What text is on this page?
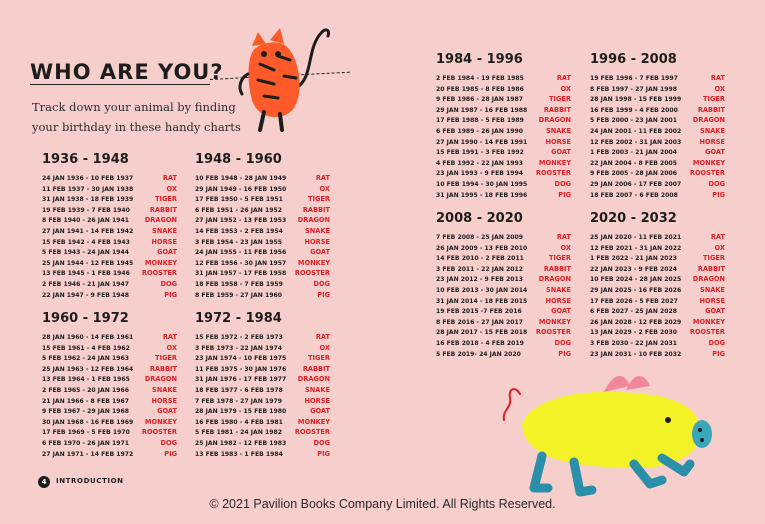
WHO ARE YOU?
Track down your animal by finding your birthday in these handy charts
1936 - 1948
24 JAN 1936 - 10 FEB 1937	RAT
11 FEB 1937 - 30 JAN 1938	OX
31 JAN 1938 - 18 FEB 1939	TIGER
19 FEB 1939 - 7 FEB 1940	RABBIT
8 FEB 1940 - 26 JAN 1941 DRAGON
27 JAN 1941 - 14 FEB 1942	SNAKE
15 FEB 1942 - 4 FEB 1943	HORSE
5 FEB 1943 - 24 JAN 1944	GOAT
25 JAN 1944 - 12 FEB 1945 MONKEY
13 FEB 1945 - 1 FEB 1946 ROOSTER
2 FEB 1946 - 21 JAN 1947	DOG
22 JAN 1947 - 9 FEB 1948	PIG
1948 - 1960
10 FEB 1948 - 28 JAN 1949	RAT
29 JAN 1949 - 16 FEB 1950	OX
17 FEB 1950 - 5 FEB 1951	TIGER
6 FEB 1951 - 26 JAN 1952	RABBIT
27 JAN 1952 - 13 FEB 1953 DRAGON
14 FEB 1953 - 2 FEB 1954	SNAKE
3 FEB 1954 - 23 JAN 1955	HORSE
24 JAN 1955 - 11 FEB 1956	GOAT
12 FEB 1956 - 30 JAN 1957 MONKEY
31 JAN 1957 - 17 FEB 1958 ROOSTER
18 FEB 1958 - 7 FEB 1959	DOG
8 FEB 1959 - 27 JAN 1960	PIG
1960 - 1972
28 JAN 1960 - 14 FEB 1961	RAT
15 FEB 1961 - 4 FEB 1962	OX
5 FEB 1962 - 24 JAN 1963	TIGER
25 JAN 1963 - 12 FEB 1964	RABBIT
13 FEB 1964 - 1 FEB 1965 DRAGON
2 FEB 1965 - 20 JAN 1966	SNAKE
21 JAN 1966 - 8 FEB 1967	HORSE
9 FEB 1967 - 29 JAN 1968	GOAT
30 JAN 1968 - 16 FEB 1969 MONKEY
17 FEB 1969 - 5 FEB 1970 ROOSTER
6 FEB 1970 - 26 JAN 1971	DOG
27 JAN 1971 - 14 FEB 1972	PIG
1972 - 1984
15 FEB 1972 - 2 FEB 1973	RAT
3 FEB 1973 - 22 JAN 1974	OX
23 JAN 1974 - 10 FEB 1975	TIGER
11 FEB 1975 - 30 JAN 1976	RABBIT
31 JAN 1976 - 17 FEB 1977 DRAGON
18 FEB 1977 - 6 FEB 1978	SNAKE
7 FEB 1978 - 27 JAN 1979	HORSE
28 JAN 1979 - 15 FEB 1980	GOAT
16 FEB 1980 - 4 FEB 1981 MONKEY
5 FEB 1981 - 24 JAN 1982 ROOSTER
25 JAN 1982 - 12 FEB 1983	DOG
13 FEB 1983 - 1 FEB 1984	PIG
1984 - 1996
2 FEB 1984 - 19 FEB 1985	RAT
20 FEB 1985 - 8 FEB 1986	OX
9 FEB 1986 - 28 JAN 1987	TIGER
29 JAN 1987 - 16 FEB 1988	RABBIT
17 FEB 1988 - 5 FEB 1989 DRAGON
6 FEB 1989 - 26 JAN 1990	SNAKE
27 JAN 1990 - 14 FEB 1991	HORSE
15 FEB 1991 - 3 FEB 1992	GOAT
4 FEB 1992 - 22 JAN 1993 MONKEY
23 JAN 1993 - 9 FEB 1994 ROOSTER
10 FEB 1994 - 30 JAN 1995	DOG
31 JAN 1995 - 18 FEB 1996	PIG
1996 - 2008
19 FEB 1996 - 7 FEB 1997	RAT
8 FEB 1997 - 27 JAN 1998	OX
28 JAN 1998 - 15 FEB 1999	TIGER
16 FEB 1999 - 4 FEB 2000	RABBIT
5 FEB 2000 - 23 JAN 2001 DRAGON
24 JAN 2001 - 11 FEB 2002	SNAKE
12 FEB 2002 - 31 JAN 2003	HORSE
1 FEB 2003 - 21 JAN 2004	GOAT
22 JAN 2004 - 8 FEB 2005 MONKEY
9 FEB 2005 - 28 JAN 2006 ROOSTER
29 JAN 2006 - 17 FEB 2007	DOG
18 FEB 2007 - 6 FEB 2008	PIG
2008 - 2020
7 FEB 2008 - 25 JAN 2009	RAT
26 JAN 2009 - 13 FEB 2010	OX
14 FEB 2010 - 2 FEB 2011	TIGER
3 FEB 2011 - 22 JAN 2012	RABBIT
23 JAN 2012 - 9 FEB 2013 DRAGON
10 FEB 2013 - 30 JAN 2014	SNAKE
31 JAN 2014 - 18 FEB 2015	HORSE
19 FEB 2015 -7 FEB 2016	GOAT
8 FEB 2016 - 27 JAN 2017 MONKEY
28 JAN 2017 - 15 FEB 2018 ROOSTER
16 FEB 2018 - 4 FEB 2019	DOG
5 FEB 2019- 24 JAN 2020	PIG
2020 - 2032
25 JAN 2020 - 11 FEB 2021	RAT
12 FEB 2021 - 31 JAN 2022	OX
1 FEB 2022 - 21 JAN 2023	TIGER
22 JAN 2023 - 9 FEB 2024	RABBIT
10 FEB 2024 - 28 JAN 2025 DRAGON
29 JAN 2025 - 16 FEB 2026	SNAKE
17 FEB 2026 - 5 FEB 2027	HORSE
6 FEB 2027 - 25 JAN 2028	GOAT
26 JAN 2028 - 12 FEB 2029 MONKEY
13 JAN 2029 - 2 FEB 2030 ROOSTER
3 FEB 2030 - 22 JAN 2031	DOG
23 JAN 2031 - 10 FEB 2032	PIG
4	INTRODUCTION
© 2021 Pavilion Books Company Limited. All Rights Reserved.
